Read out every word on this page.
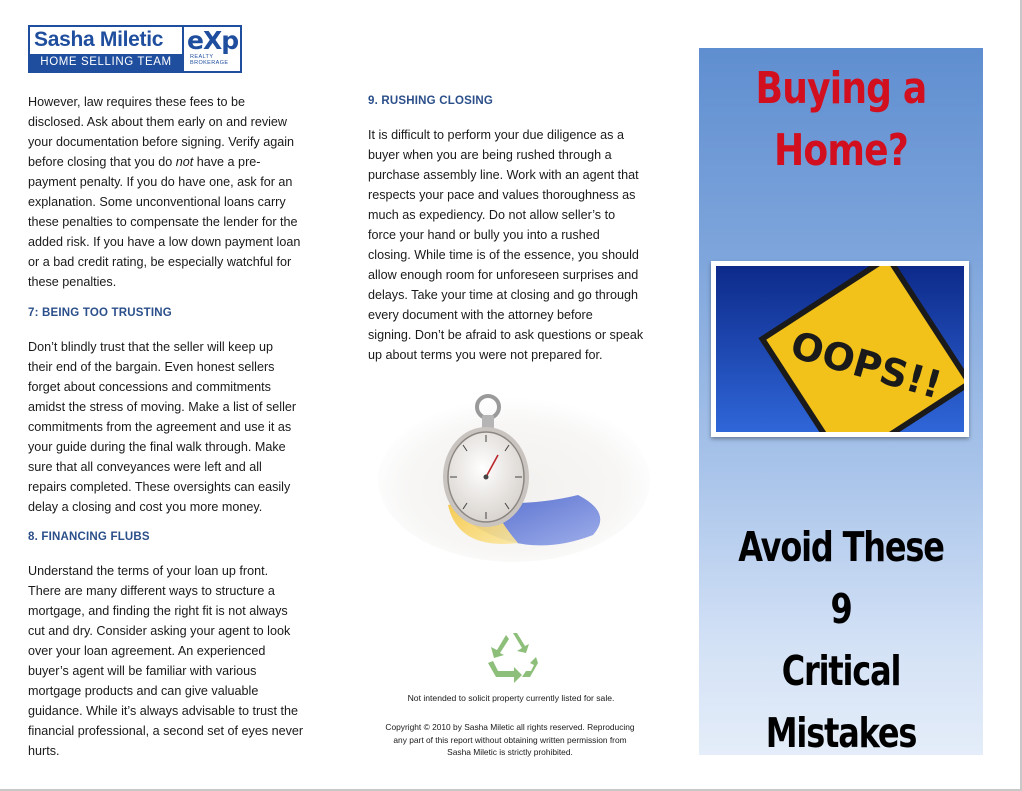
Sasha Miletic
HOME SELLING TEAM
eXp
REALTY
BROKERAGE

However, law requires these fees to be

disclosed. Ask about them early on and review

your documentation before signing. Verify again

before closing that you do not have a pre-

payment penalty. If you do have one, ask for an

explanation. Some unconventional loans carry

these penalties to compensate the lender for the

added risk. If you have a low down payment loan

or a bad credit rating, be especially watchful for

these penalties.

7: BEING TOO TRUSTING

Don’t blindly trust that the seller will keep up

their end of the bargain. Even honest sellers

forget about concessions and commitments

amidst the stress of moving. Make a list of seller

commitments from the agreement and use it as

your guide during the final walk through. Make

sure that all conveyances were left and all

repairs completed. These oversights can easily

delay a closing and cost you more money.

8. FINANCING FLUBS

Understand the terms of your loan up front.

There are many different ways to structure a

mortgage, and finding the right fit is not always

cut and dry. Consider asking your agent to look

over your loan agreement. An experienced

buyer’s agent will be familiar with various

mortgage products and can give valuable

guidance. While it’s always advisable to trust the

financial professional, a second set of eyes never

hurts.

9. RUSHING CLOSING

It is difficult to perform your due diligence as a

buyer when you are being rushed through a

purchase assembly line. Work with an agent that

respects your pace and values thoroughness as

much as expediency. Do not allow seller’s to

force your hand or bully you into a rushed

closing. While time is of the essence, you should

allow enough room for unforeseen surprises and

delays. Take your time at closing and go through

every document with the attorney before

signing. Don’t be afraid to ask questions or speak

up about terms you were not prepared for.

Not intended to solicit property currently listed for sale.
Copyright © 2010 by Sasha Miletic all rights reserved. Reproducing
any part of this report without obtaining written permission from
Sasha Miletic is strictly prohibited.
Buying a
Home?
OOPS!!
Avoid These 9
Critical
Mistakes
